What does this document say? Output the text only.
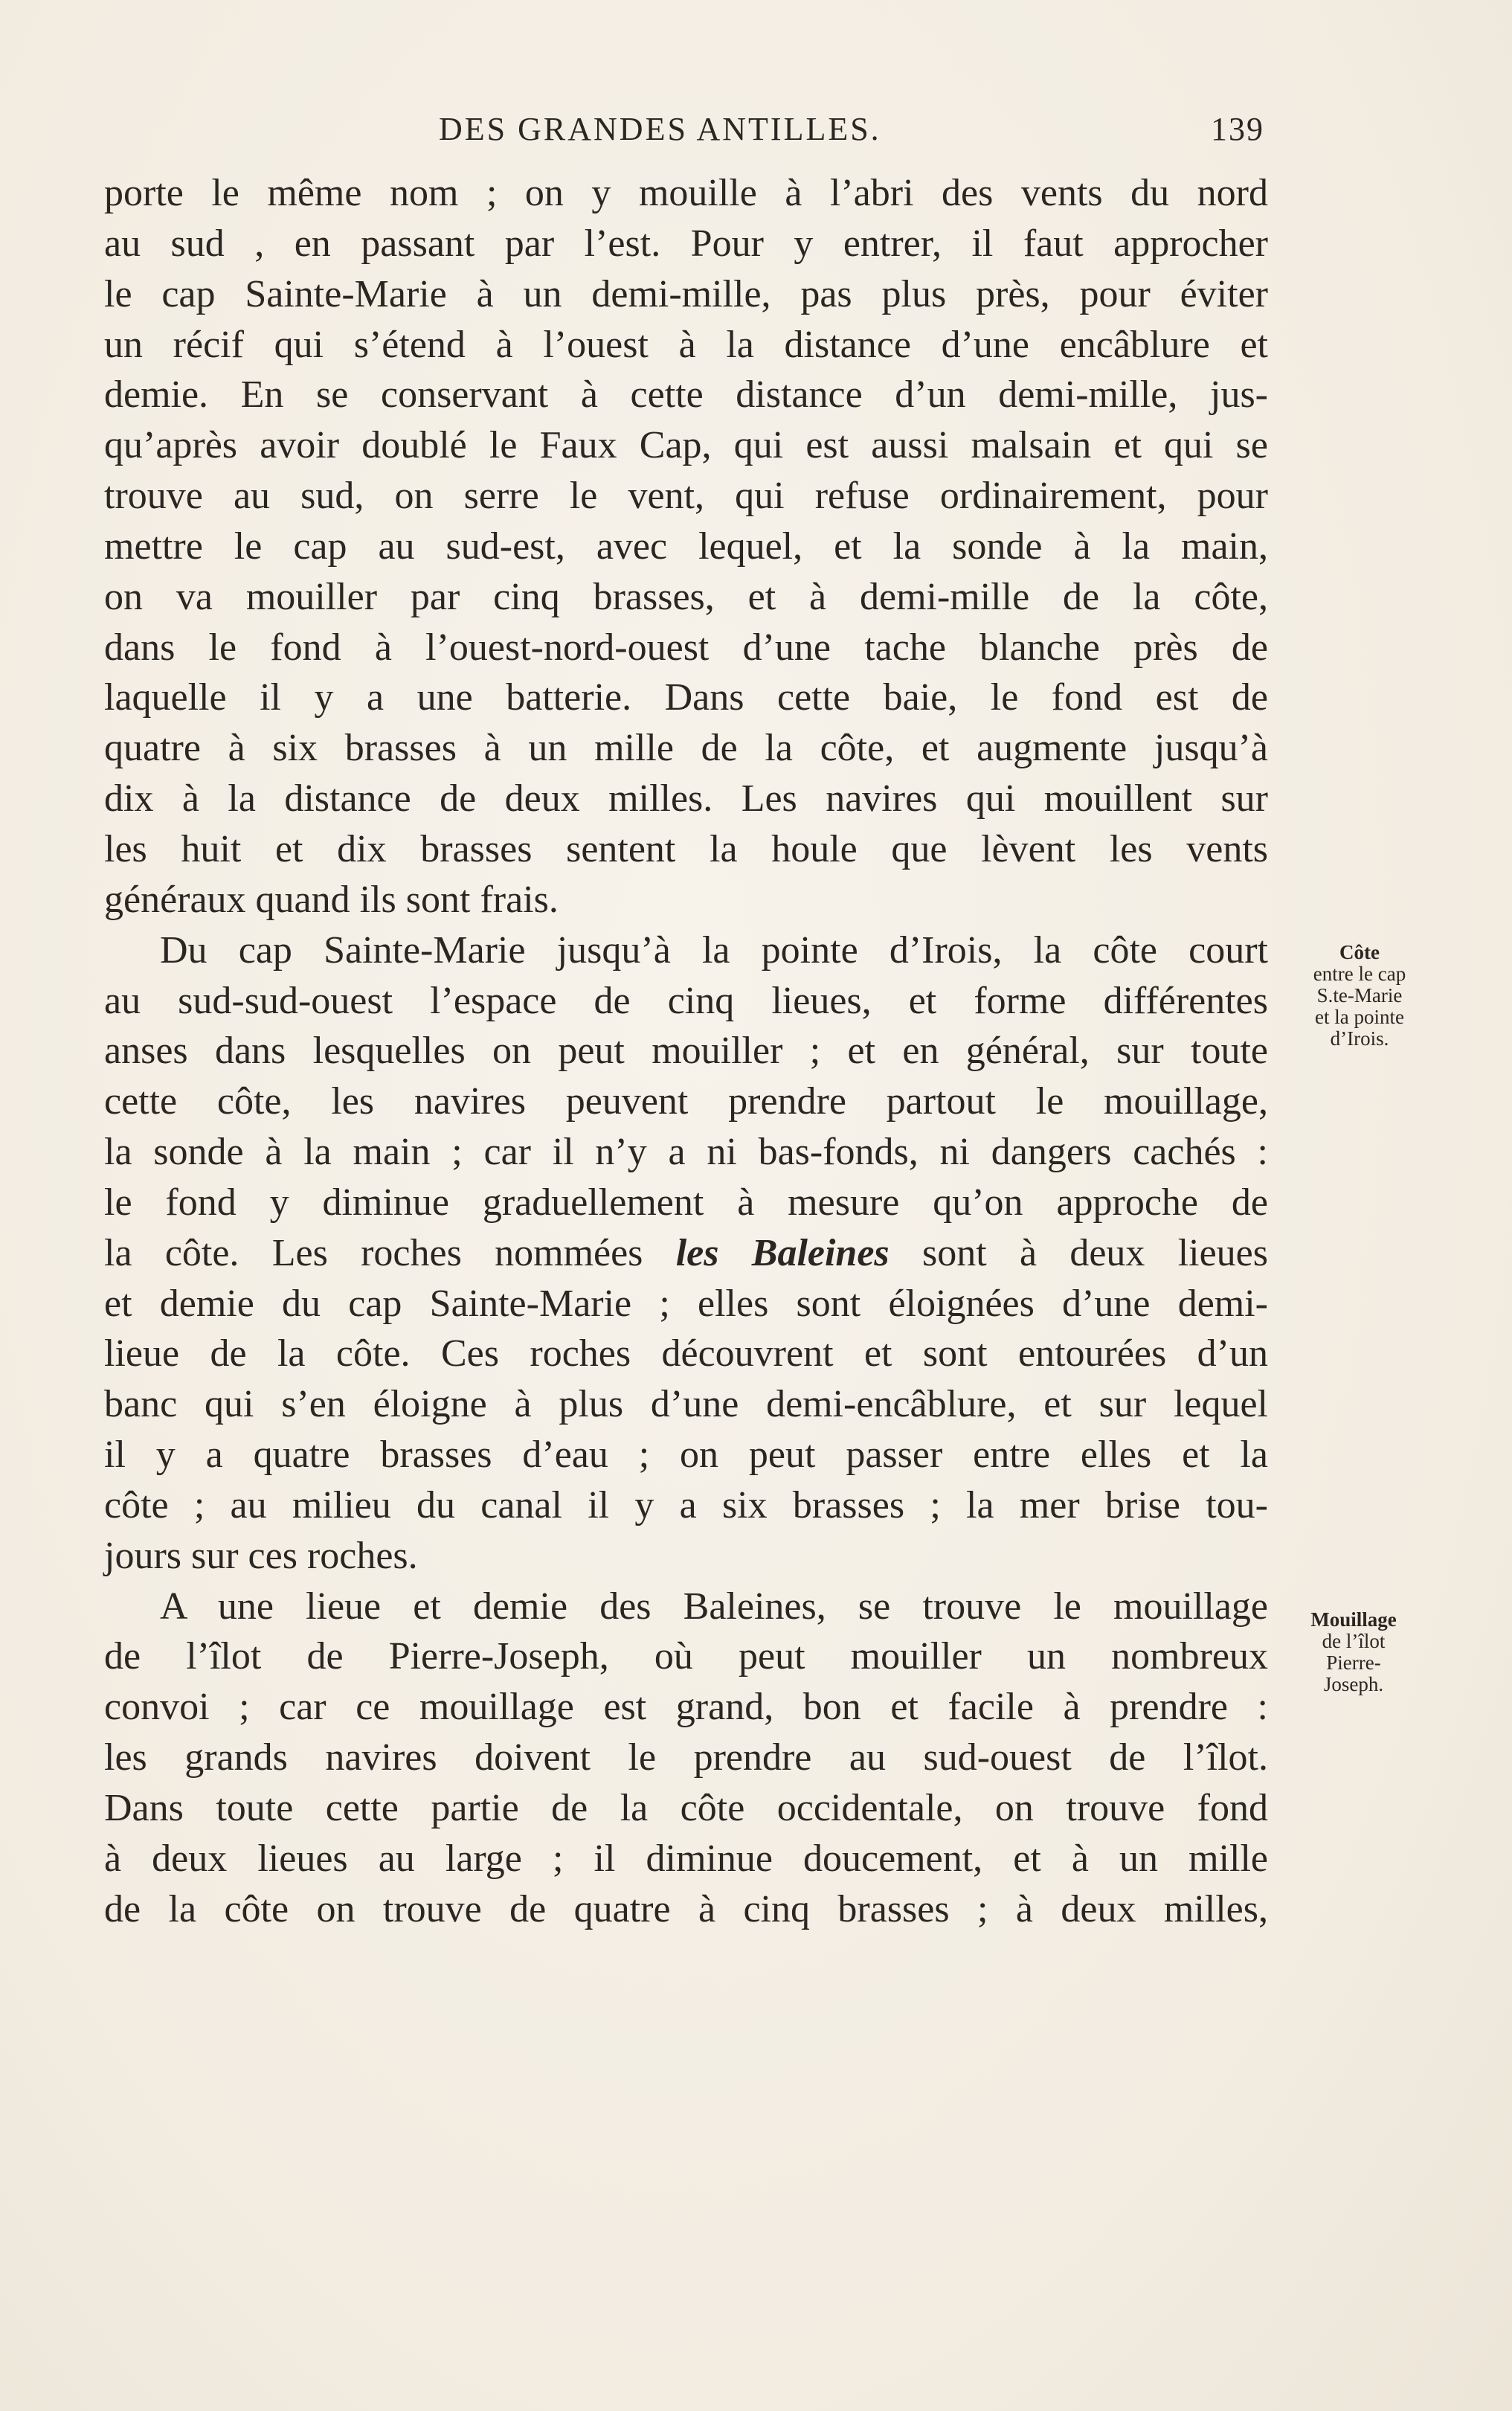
DES GRANDES ANTILLES.	139
porte le même nom ; on y mouille à l’abri des vents du nord
au sud , en passant par l’est. Pour y entrer, il faut approcher
le cap Sainte-Marie à un demi-mille, pas plus près, pour éviter
un récif qui s’étend à l’ouest à la distance d’une encâblure et
demie. En se conservant à cette distance d’un demi-mille, jus-
qu’après avoir doublé le Faux Cap, qui est aussi malsain et qui se
trouve au sud, on serre le vent, qui refuse ordinairement, pour
mettre le cap au sud-est, avec lequel, et la sonde à la main,
on va mouiller par cinq brasses, et à demi-mille de la côte,
dans le fond à l’ouest-nord-ouest d’une tache blanche près de
laquelle il y a une batterie. Dans cette baie, le fond est de
quatre à six brasses à un mille de la côte, et augmente jusqu’à
dix à la distance de deux milles. Les navires qui mouillent sur
les huit et dix brasses sentent la houle que lèvent les vents
généraux quand ils sont frais.
Du cap Sainte-Marie jusqu’à la pointe d’Irois, la côte court
au sud-sud-ouest l’espace de cinq lieues, et forme différentes
anses dans lesquelles on peut mouiller ; et en général, sur toute
cette côte, les navires peuvent prendre partout le mouillage,
la sonde à la main ; car il n’y a ni bas-fonds, ni dangers cachés :
le fond y diminue graduellement à mesure qu’on approche de
la côte. Les roches nommées les Baleines sont à deux lieues
et demie du cap Sainte-Marie ; elles sont éloignées d’une demi-
lieue de la côte. Ces roches découvrent et sont entourées d’un
banc qui s’en éloigne à plus d’une demi-encâblure, et sur lequel
il y a quatre brasses d’eau ; on peut passer entre elles et la
côte ; au milieu du canal il y a six brasses ; la mer brise tou-
jours sur ces roches.
A une lieue et demie des Baleines, se trouve le mouillage
de l’îlot de Pierre-Joseph, où peut mouiller un nombreux
convoi ; car ce mouillage est grand, bon et facile à prendre :
les grands navires doivent le prendre au sud-ouest de l’îlot.
Dans toute cette partie de la côte occidentale, on trouve fond
à deux lieues au large ; il diminue doucement, et à un mille
de la côte on trouve de quatre à cinq brasses ; à deux milles,
Côte
entre le cap
S.te-Marie
et la pointe
d’Irois.
Mouillage
de l’îlot
Pierre-
Joseph.
